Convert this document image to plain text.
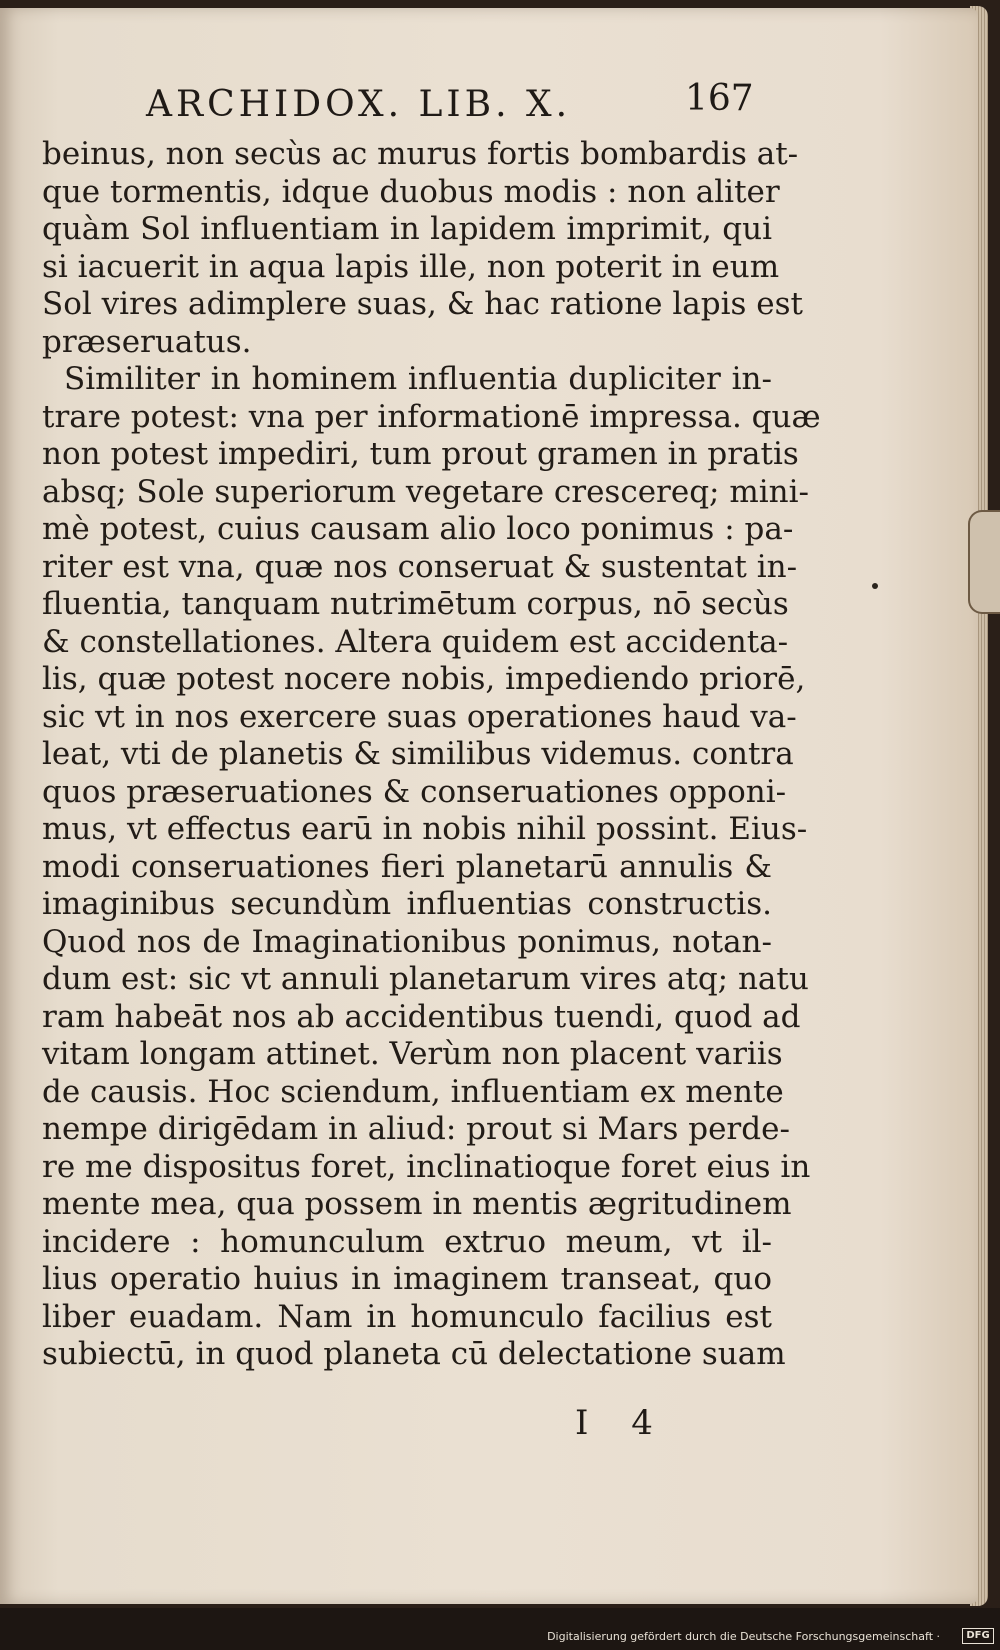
ARCHIDOX. LIB. X.	167
beinus, non secùs ac murus fortis bombardis at-
que tormentis, idque duobus modis : non aliter
quàm Sol influentiam in lapidem imprimit, qui
si iacuerit in aqua lapis ille, non poterit in eum
Sol vires adimplere suas, & hac ratione lapis est
præseruatus.
Similiter in hominem influentia dupliciter in-
trare potest: vna per informationē impressa. quæ
non potest impediri, tum prout gramen in pratis
absq; Sole superiorum vegetare crescereq; mini-
mè potest, cuius causam alio loco ponimus : pa-
riter est vna, quæ nos conseruat & sustentat in-
fluentia, tanquam nutrimētum corpus, nō secùs
& constellationes. Altera quidem est accidenta-
lis, quæ potest nocere nobis, impediendo priorē,
sic vt in nos exercere suas operationes haud va-
leat, vti de planetis & similibus videmus. contra
quos præseruationes & conseruationes opponi-
mus, vt effectus earū in nobis nihil possint. Eius-
modi conseruationes fieri planetarū annulis &
imaginibus secundùm influentias constructis.
Quod nos de Imaginationibus ponimus, notan-
dum est: sic vt annuli planetarum vires atq; natu
ram habeāt nos ab accidentibus tuendi, quod ad
vitam longam attinet. Verùm non placent variis
de causis. Hoc sciendum, influentiam ex mente
nempe dirigēdam in aliud: prout si Mars perde-
re me dispositus foret, inclinatioque foret eius in
mente mea, qua possem in mentis ægritudinem
incidere : homunculum extruo meum, vt il-
lius operatio huius in imaginem transeat, quo
liber euadam. Nam in homunculo facilius est
subiectū, in quod planeta cū delectatione suam
I 4
Digitalisierung gefördert durch die Deutsche Forschungsgemeinschaft ·	DFG
